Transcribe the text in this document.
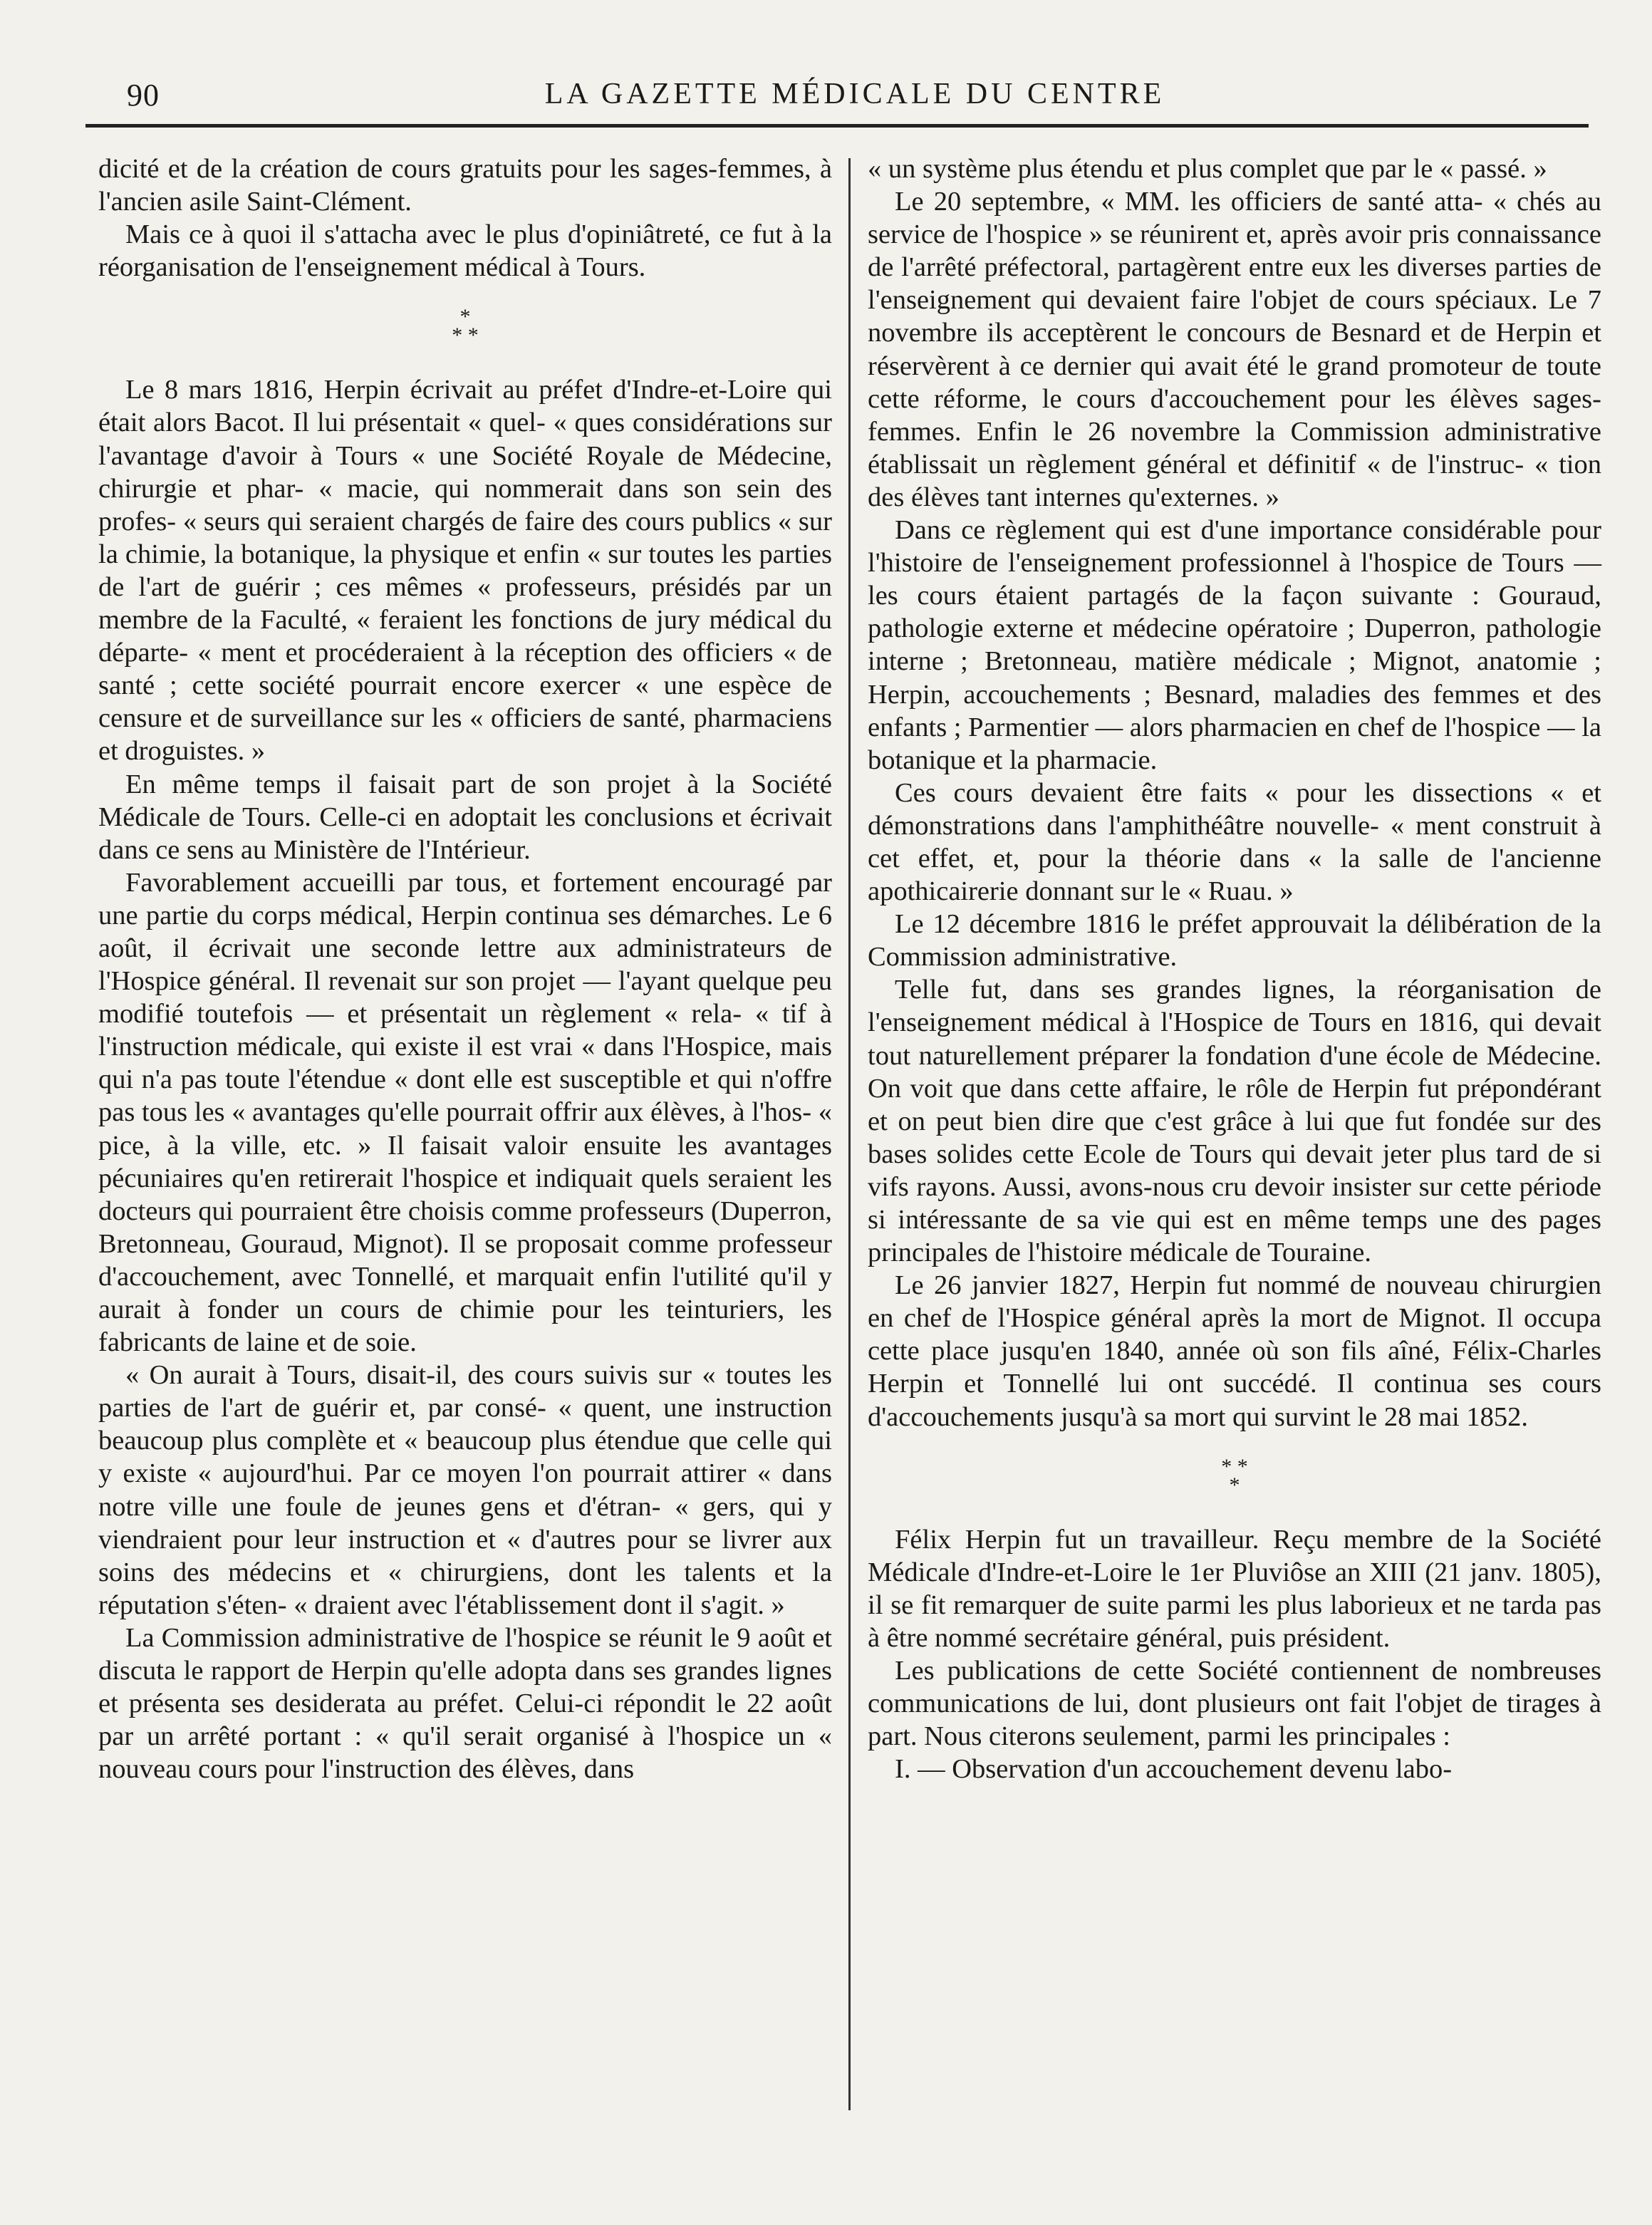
90	LA GAZETTE MÉDICALE DU CENTRE

dicité et de la création de cours gratuits pour les sages-femmes, à l'ancien asile Saint-Clément.

Mais ce à quoi il s'attacha avec le plus d'opiniâtreté, ce fut à la réorganisation de l'enseignement médical à Tours.

*
* *

Le 8 mars 1816, Herpin écrivait au préfet d'Indre-et-Loire qui était alors Bacot. Il lui présentait « quel- « ques considérations sur l'avantage d'avoir à Tours « une Société Royale de Médecine, chirurgie et phar- « macie, qui nommerait dans son sein des profes- « seurs qui seraient chargés de faire des cours publics « sur la chimie, la botanique, la physique et enfin « sur toutes les parties de l'art de guérir ; ces mêmes « professeurs, présidés par un membre de la Faculté, « feraient les fonctions de jury médical du départe- « ment et procéderaient à la réception des officiers « de santé ; cette société pourrait encore exercer « une espèce de censure et de surveillance sur les « officiers de santé, pharmaciens et droguistes. »

En même temps il faisait part de son projet à la Société Médicale de Tours. Celle-ci en adoptait les conclusions et écrivait dans ce sens au Ministère de l'Intérieur.

Favorablement accueilli par tous, et fortement encouragé par une partie du corps médical, Herpin continua ses démarches. Le 6 août, il écrivait une seconde lettre aux administrateurs de l'Hospice général. Il revenait sur son projet — l'ayant quelque peu modifié toutefois — et présentait un règlement « rela- « tif à l'instruction médicale, qui existe il est vrai « dans l'Hospice, mais qui n'a pas toute l'étendue « dont elle est susceptible et qui n'offre pas tous les « avantages qu'elle pourrait offrir aux élèves, à l'hos- « pice, à la ville, etc. » Il faisait valoir ensuite les avantages pécuniaires qu'en retirerait l'hospice et indiquait quels seraient les docteurs qui pourraient être choisis comme professeurs (Duperron, Bretonneau, Gouraud, Mignot). Il se proposait comme professeur d'accouchement, avec Tonnellé, et marquait enfin l'utilité qu'il y aurait à fonder un cours de chimie pour les teinturiers, les fabricants de laine et de soie.

« On aurait à Tours, disait-il, des cours suivis sur « toutes les parties de l'art de guérir et, par consé- « quent, une instruction beaucoup plus complète et « beaucoup plus étendue que celle qui y existe « aujourd'hui. Par ce moyen l'on pourrait attirer « dans notre ville une foule de jeunes gens et d'étran- « gers, qui y viendraient pour leur instruction et « d'autres pour se livrer aux soins des médecins et « chirurgiens, dont les talents et la réputation s'éten- « draient avec l'établissement dont il s'agit. »

La Commission administrative de l'hospice se réunit le 9 août et discuta le rapport de Herpin qu'elle adopta dans ses grandes lignes et présenta ses desiderata au préfet. Celui-ci répondit le 22 août par un arrêté portant : « qu'il serait organisé à l'hospice un « nouveau cours pour l'instruction des élèves, dans

« un système plus étendu et plus complet que par le « passé. »

Le 20 septembre, « MM. les officiers de santé atta- « chés au service de l'hospice » se réunirent et, après avoir pris connaissance de l'arrêté préfectoral, partagèrent entre eux les diverses parties de l'enseignement qui devaient faire l'objet de cours spéciaux. Le 7 novembre ils acceptèrent le concours de Besnard et de Herpin et réservèrent à ce dernier qui avait été le grand promoteur de toute cette réforme, le cours d'accouchement pour les élèves sages-femmes. Enfin le 26 novembre la Commission administrative établissait un règlement général et définitif « de l'instruc- « tion des élèves tant internes qu'externes. »

Dans ce règlement qui est d'une importance considérable pour l'histoire de l'enseignement professionnel à l'hospice de Tours — les cours étaient partagés de la façon suivante : Gouraud, pathologie externe et médecine opératoire ; Duperron, pathologie interne ; Bretonneau, matière médicale ; Mignot, anatomie ; Herpin, accouchements ; Besnard, maladies des femmes et des enfants ; Parmentier — alors pharmacien en chef de l'hospice — la botanique et la pharmacie.

Ces cours devaient être faits « pour les dissections « et démonstrations dans l'amphithéâtre nouvelle- « ment construit à cet effet, et, pour la théorie dans « la salle de l'ancienne apothicairerie donnant sur le « Ruau. »

Le 12 décembre 1816 le préfet approuvait la délibération de la Commission administrative.

Telle fut, dans ses grandes lignes, la réorganisation de l'enseignement médical à l'Hospice de Tours en 1816, qui devait tout naturellement préparer la fondation d'une école de Médecine. On voit que dans cette affaire, le rôle de Herpin fut prépondérant et on peut bien dire que c'est grâce à lui que fut fondée sur des bases solides cette Ecole de Tours qui devait jeter plus tard de si vifs rayons. Aussi, avons-nous cru devoir insister sur cette période si intéressante de sa vie qui est en même temps une des pages principales de l'histoire médicale de Touraine.

Le 26 janvier 1827, Herpin fut nommé de nouveau chirurgien en chef de l'Hospice général après la mort de Mignot. Il occupa cette place jusqu'en 1840, année où son fils aîné, Félix-Charles Herpin et Tonnellé lui ont succédé. Il continua ses cours d'accouchements jusqu'à sa mort qui survint le 28 mai 1852.

* *
*

Félix Herpin fut un travailleur. Reçu membre de la Société Médicale d'Indre-et-Loire le 1er Pluviôse an XIII (21 janv. 1805), il se fit remarquer de suite parmi les plus laborieux et ne tarda pas à être nommé secrétaire général, puis président.

Les publications de cette Société contiennent de nombreuses communications de lui, dont plusieurs ont fait l'objet de tirages à part. Nous citerons seulement, parmi les principales :

I. — Observation d'un accouchement devenu labo-
